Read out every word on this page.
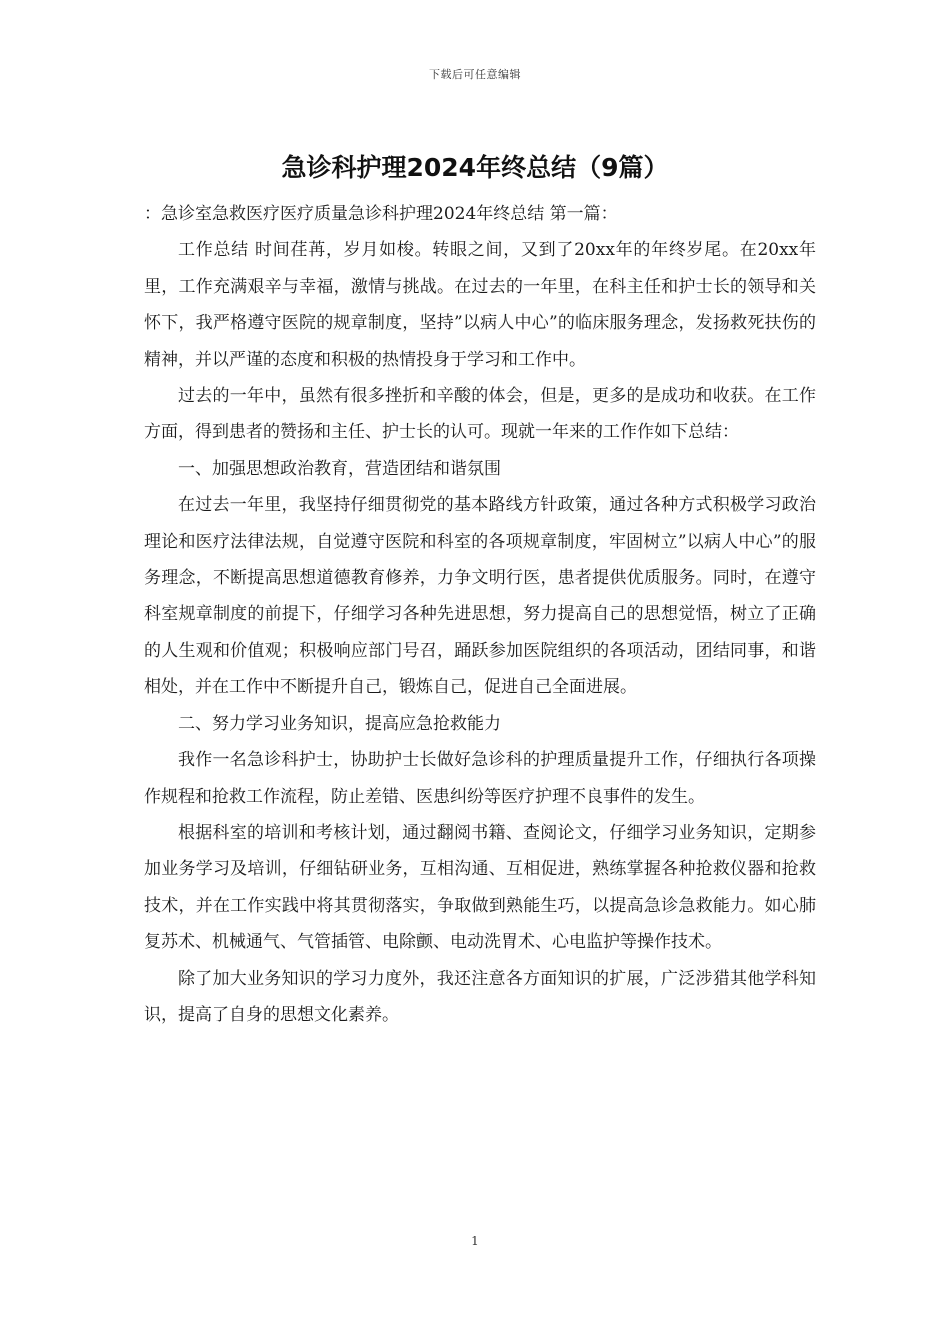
下载后可任意编辑
急诊科护理2024年终总结（9篇）

：急诊室急救医疗医疗质量急诊科护理2024年终总结 第一篇：

工作总结 时间荏苒，岁月如梭。转眼之间，又到了20xx年的年终岁尾。在20xx年里，工作充满艰辛与幸福，激情与挑战。在过去的一年里，在科主任和护士长的领导和关怀下，我严格遵守医院的规章制度，坚持”以病人中心”的临床服务理念，发扬救死扶伤的精神，并以严谨的态度和积极的热情投身于学习和工作中。

过去的一年中，虽然有很多挫折和辛酸的体会，但是，更多的是成功和收获。在工作方面，得到患者的赞扬和主任、护士长的认可。现就一年来的工作作如下总结：

一、加强思想政治教育，营造团结和谐氛围

在过去一年里，我坚持仔细贯彻党的基本路线方针政策，通过各种方式积极学习政治理论和医疗法律法规，自觉遵守医院和科室的各项规章制度，牢固树立”以病人中心”的服务理念，不断提高思想道德教育修养，力争文明行医，患者提供优质服务。同时，在遵守科室规章制度的前提下，仔细学习各种先进思想，努力提高自己的思想觉悟，树立了正确的人生观和价值观；积极响应部门号召，踊跃参加医院组织的各项活动，团结同事，和谐相处，并在工作中不断提升自己，锻炼自己，促进自己全面进展。

二、努力学习业务知识，提高应急抢救能力

我作一名急诊科护士，协助护士长做好急诊科的护理质量提升工作，仔细执行各项操作规程和抢救工作流程，防止差错、医患纠纷等医疗护理不良事件的发生。

根据科室的培训和考核计划，通过翻阅书籍、查阅论文，仔细学习业务知识，定期参加业务学习及培训，仔细钻研业务，互相沟通、互相促进，熟练掌握各种抢救仪器和抢救技术，并在工作实践中将其贯彻落实，争取做到熟能生巧，以提高急诊急救能力。如心肺复苏术、机械通气、气管插管、电除颤、电动洗胃术、心电监护等操作技术。

除了加大业务知识的学习力度外，我还注意各方面知识的扩展，广泛涉猎其他学科知识，提高了自身的思想文化素养。

1
